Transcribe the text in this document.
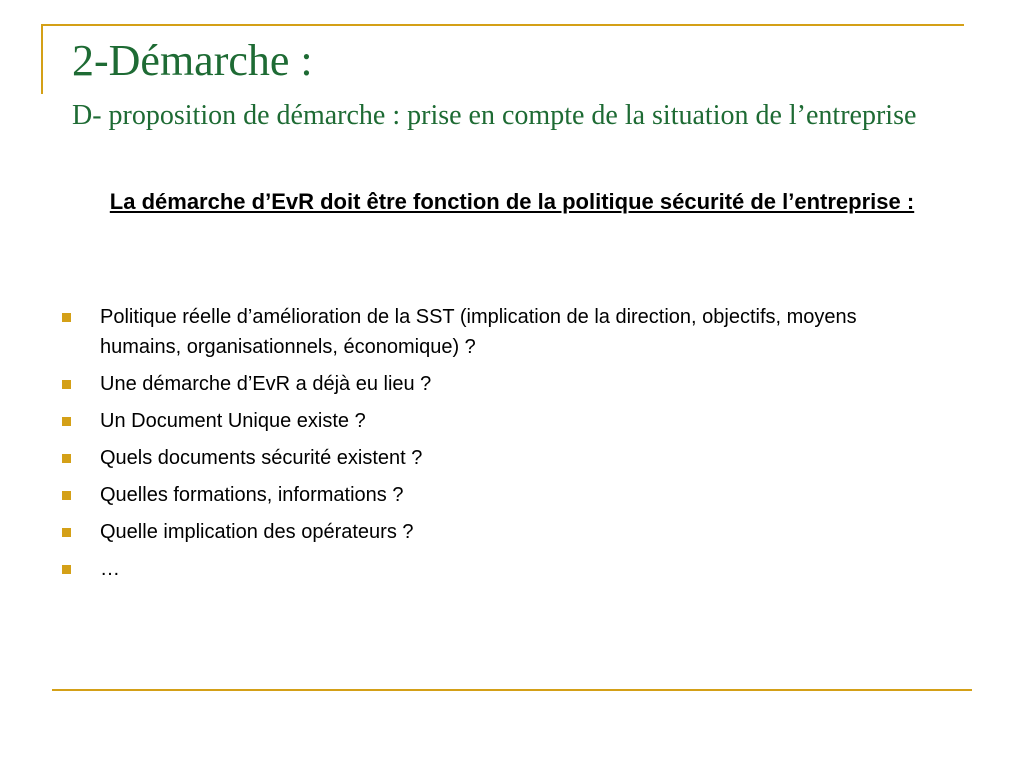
2-Démarche :
D- proposition de démarche : prise en compte de la situation de l’entreprise
La démarche d’EvR doit être fonction de la politique sécurité de l’entreprise :
Politique réelle d’amélioration de la SST (implication de la direction, objectifs, moyens humains, organisationnels, économique) ?
Une démarche d’EvR a déjà eu lieu ?
Un Document Unique existe ?
Quels documents sécurité existent ?
Quelles formations, informations ?
Quelle implication des opérateurs ?
…
